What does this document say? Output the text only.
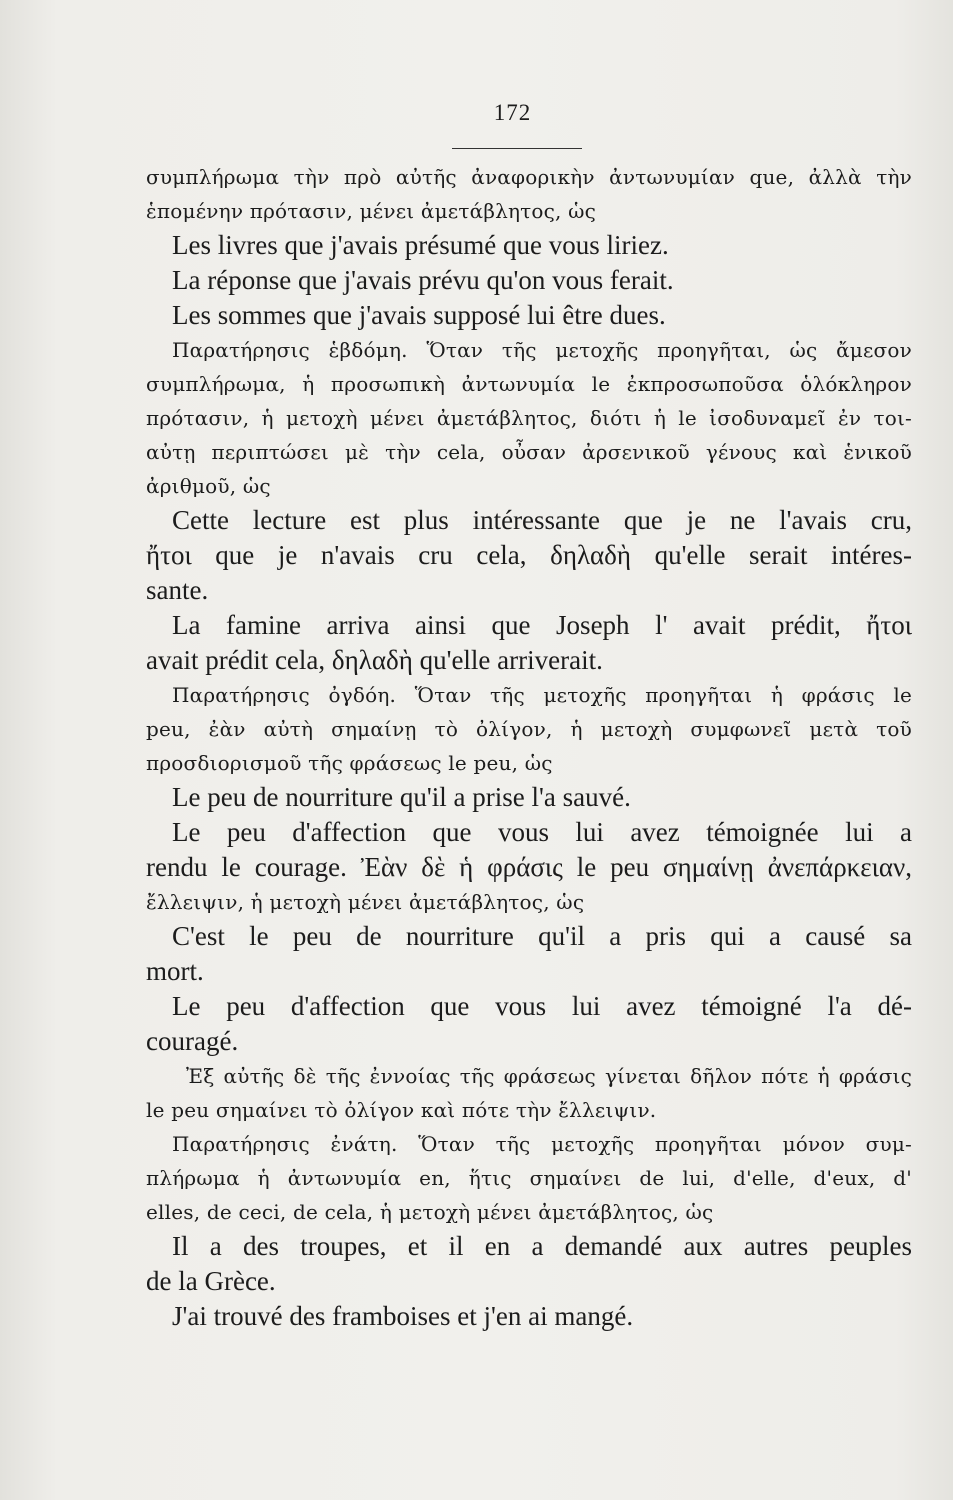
172
συμπλήρωμα τὴν πρὸ αὐτῆς ἀναφορικὴν ἀντωνυμίαν que, ἀλλὰ τὴν
ἑπομένην πρότασιν, μένει ἀμετάβλητος, ὡς
Les livres que j'avais présumé que vous liriez.
La réponse que j'avais prévu qu'on vous ferait.
Les sommes que j'avais supposé lui être dues.
Παρατήρησις ἑβδόμη. Ὅταν τῆς μετοχῆς προηγῆται, ὡς ἄμεσον
συμπλήρωμα, ἡ προσωπικὴ ἀντωνυμία le ἐκπροσωποῦσα ὁλόκληρον
πρότασιν, ἡ μετοχὴ μένει ἀμετάβλητος, διότι ἡ le ἰσοδυναμεῖ ἐν τοι-
αὐτῃ περιπτώσει μὲ τὴν cela, οὖσαν ἀρσενικοῦ γένους καὶ ἑνικοῦ
ἀριθμοῦ, ὡς
Cette lecture est plus intéressante que je ne l'avais cru,
ἤτοι que je n'avais cru cela, δηλαδὴ qu'elle serait intéres-
sante.
La famine arriva ainsi que Joseph l' avait prédit, ἤτοι
avait prédit cela, δηλαδὴ qu'elle arriverait.
Παρατήρησις ὀγδόη. Ὅταν τῆς μετοχῆς προηγῆται ἡ φράσις le
peu, ἐὰν αὐτὴ σημαίνῃ τὸ ὀλίγον, ἡ μετοχὴ συμφωνεῖ μετὰ τοῦ
προσδιορισμοῦ τῆς φράσεως le peu, ὡς
Le peu de nourriture qu'il a prise l'a sauvé.
Le peu d'affection que vous lui avez témoignée lui a
rendu le courage. Ἐὰν δὲ ἡ φράσις le peu σημαίνῃ ἀνεπάρκειαν,
ἔλλειψιν, ἡ μετοχὴ μένει ἀμετάβλητος, ὡς
C'est le peu de nourriture qu'il a pris qui a causé sa
mort.
Le peu d'affection que vous lui avez témoigné l'a dé-
couragé.
Ἐξ αὐτῆς δὲ τῆς ἐννοίας τῆς φράσεως γίνεται δῆλον πότε ἡ φράσις
le peu σημαίνει τὸ ὀλίγον καὶ πότε τὴν ἔλλειψιν.
Παρατήρησις ἐνάτη. Ὅταν τῆς μετοχῆς προηγῆται μόνον συμ-
πλήρωμα ἡ ἀντωνυμία en, ἥτις σημαίνει de lui, d'elle, d'eux, d'
elles, de ceci, de cela, ἡ μετοχὴ μένει ἀμετάβλητος, ὡς
Il a des troupes, et il en a demandé aux autres peuples
de la Grèce.
J'ai trouvé des framboises et j'en ai mangé.
